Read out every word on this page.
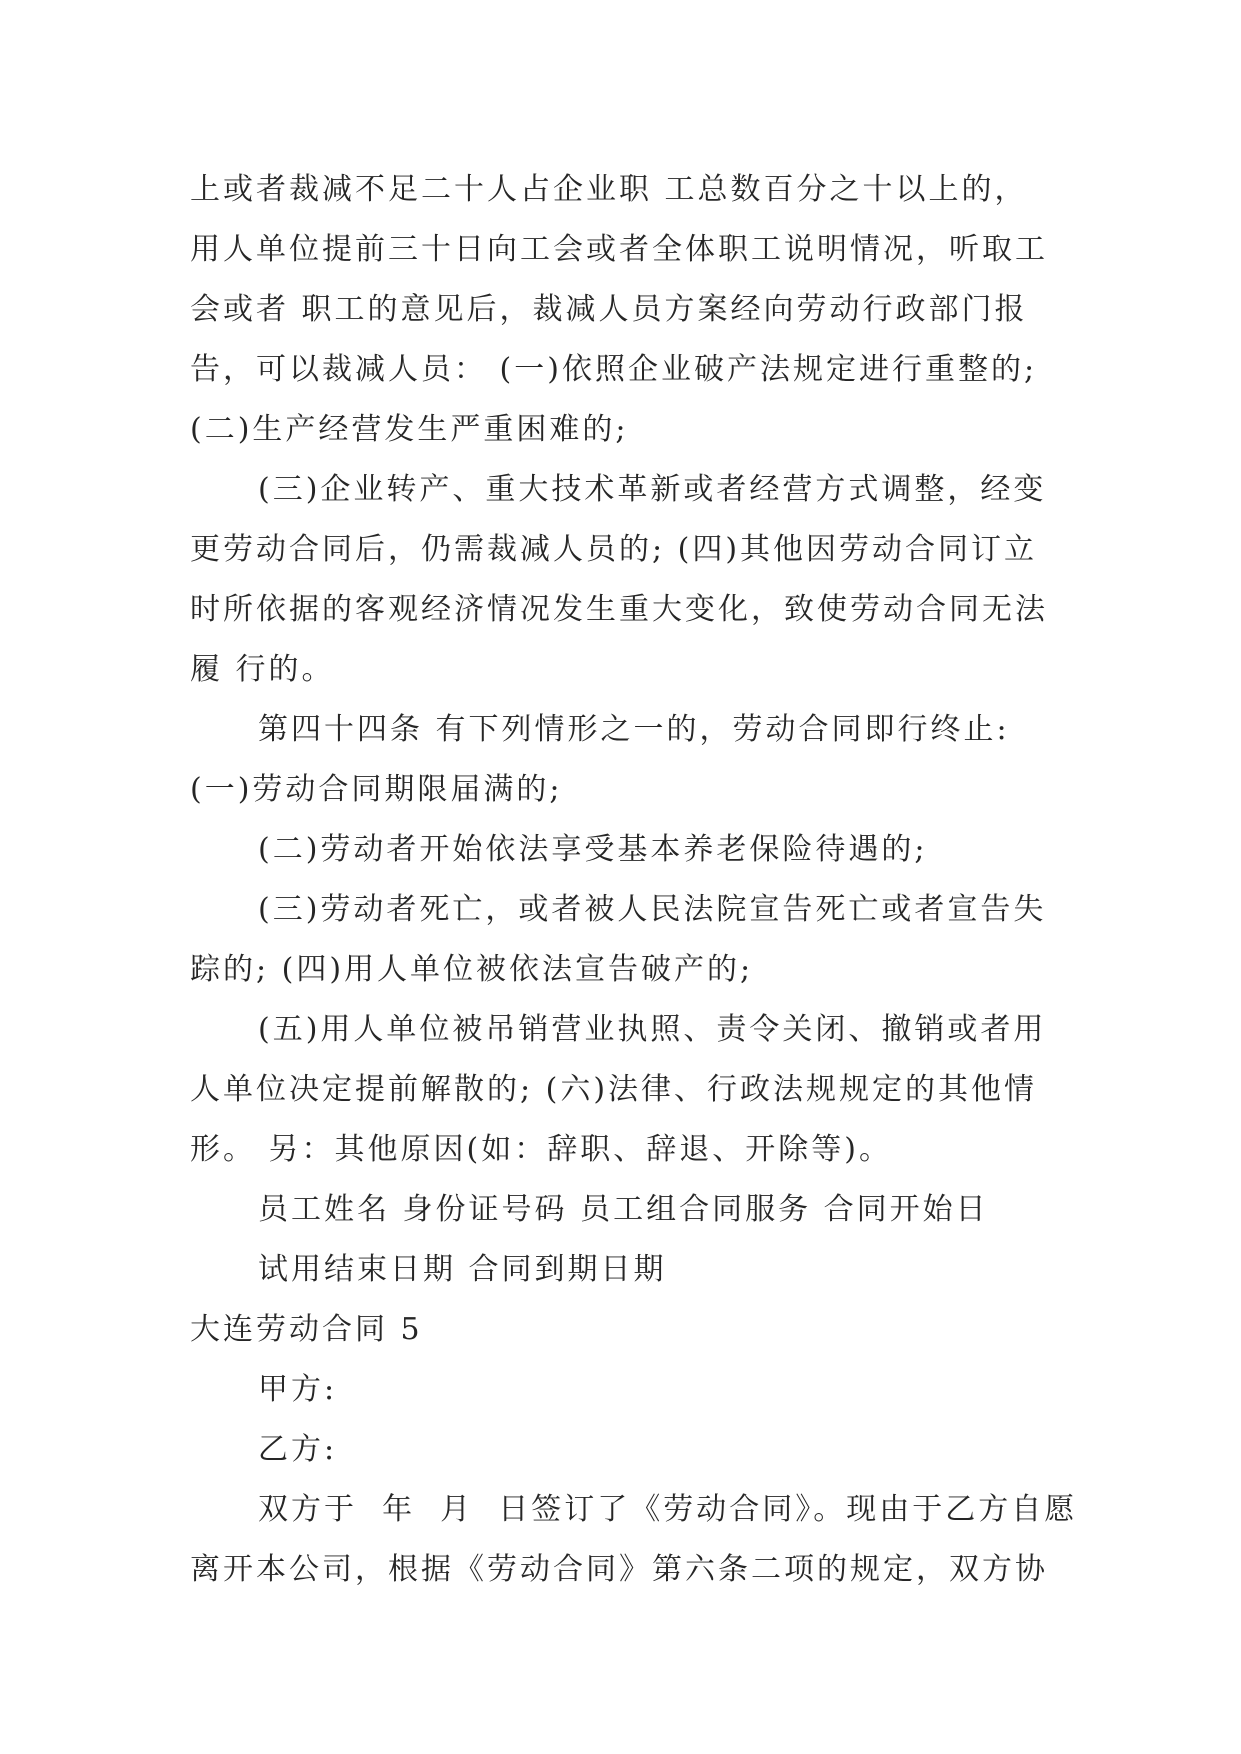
上或者裁减不足二十人占企业职 工总数百分之十以上的，
用人单位提前三十日向工会或者全体职工说明情况，听取工
会或者 职工的意见后，裁减人员方案经向劳动行政部门报
告，可以裁减人员： (一)依照企业破产法规定进行重整的;
(二)生产经营发生严重困难的;
(三)企业转产、重大技术革新或者经营方式调整，经变
更劳动合同后，仍需裁减人员的; (四)其他因劳动合同订立
时所依据的客观经济情况发生重大变化，致使劳动合同无法
履 行的。
第四十四条 有下列情形之一的，劳动合同即行终止:
(一)劳动合同期限届满的;
(二)劳动者开始依法享受基本养老保险待遇的;
(三)劳动者死亡，或者被人民法院宣告死亡或者宣告失
踪的; (四)用人单位被依法宣告破产的;
(五)用人单位被吊销营业执照、责令关闭、撤销或者用
人单位决定提前解散的; (六)法律、行政法规规定的其他情
形。 另：其他原因(如：辞职、辞退、开除等)。
员工姓名 身份证号码 员工组合同服务 合同开始日
试用结束日期 合同到期日期
大连劳动合同 5
甲方:
乙方:
双方于  年  月  日签订了《劳动合同》。现由于乙方自愿
离开本公司，根据《劳动合同》第六条二项的规定，双方协
